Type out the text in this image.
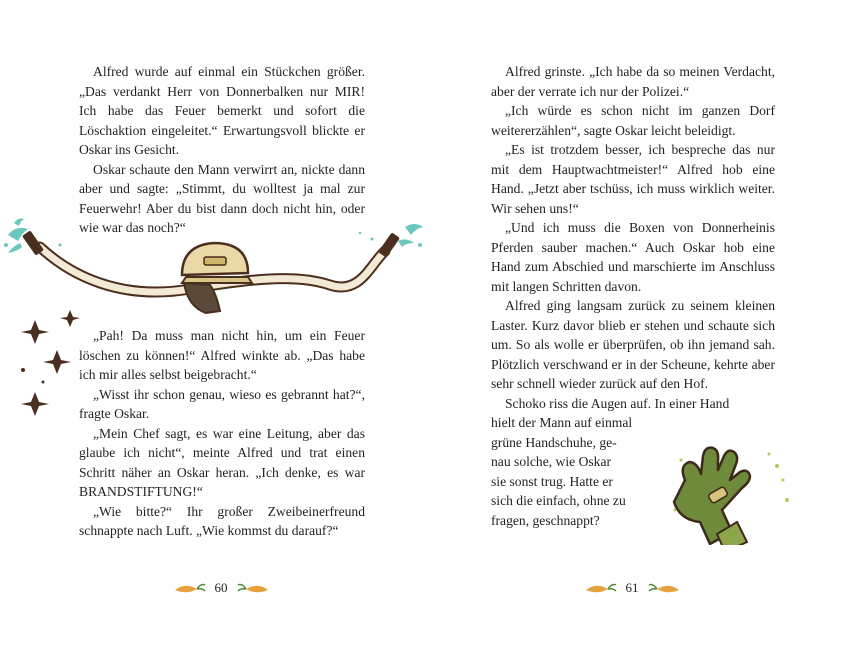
Alfred wurde auf einmal ein Stückchen größer. „Das verdankt Herr von Donnerbalken nur MIR! Ich habe das Feuer bemerkt und sofort die Löschaktion eingeleitet.“ Erwartungsvoll blickte er Oskar ins Gesicht.

Oskar schaute den Mann verwirrt an, nickte dann aber und sagte: „Stimmt, du wolltest ja mal zur Feuerwehr! Aber du bist dann doch nicht hin, oder wie war das noch?“

„Pah! Da muss man nicht hin, um ein Feuer löschen zu können!“ Alfred winkte ab. „Das habe ich mir alles selbst beigebracht.“

„Wisst ihr schon genau, wieso es gebrannt hat?“, fragte Oskar.

„Mein Chef sagt, es war eine Leitung, aber das glaube ich nicht“, meinte Alfred und trat einen Schritt näher an Oskar heran. „Ich denke, es war BRANDSTIFTUNG!“

„Wie bitte?“ Ihr großer Zweibeinerfreund schnappte nach Luft. „Wie kommst du darauf?“

60

Alfred grinste. „Ich habe da so meinen Verdacht, aber der verrate ich nur der Polizei.“

„Ich würde es schon nicht im ganzen Dorf weitererzählen“, sagte Oskar leicht beleidigt.

„Es ist trotzdem besser, ich bespreche das nur mit dem Hauptwachtmeister!“ Alfred hob eine Hand. „Jetzt aber tschüss, ich muss wirklich weiter. Wir sehen uns!“

„Und ich muss die Boxen von Donnerheinis Pferden sauber machen.“ Auch Oskar hob eine Hand zum Abschied und marschierte im Anschluss mit langen Schritten davon.

Alfred ging langsam zurück zu seinem kleinen Laster. Kurz davor blieb er stehen und schaute sich um. So als wolle er überprüfen, ob ihn jemand sah. Plötzlich verschwand er in der Scheune, kehrte aber sehr schnell wieder zurück auf den Hof.

Schoko riss die Augen auf. In einer Hand
hielt der Mann auf einmal
grüne Handschuhe, ge-
nau solche, wie Oskar
sie sonst trug. Hatte er
sich die einfach, ohne zu
fragen, geschnappt?
61
